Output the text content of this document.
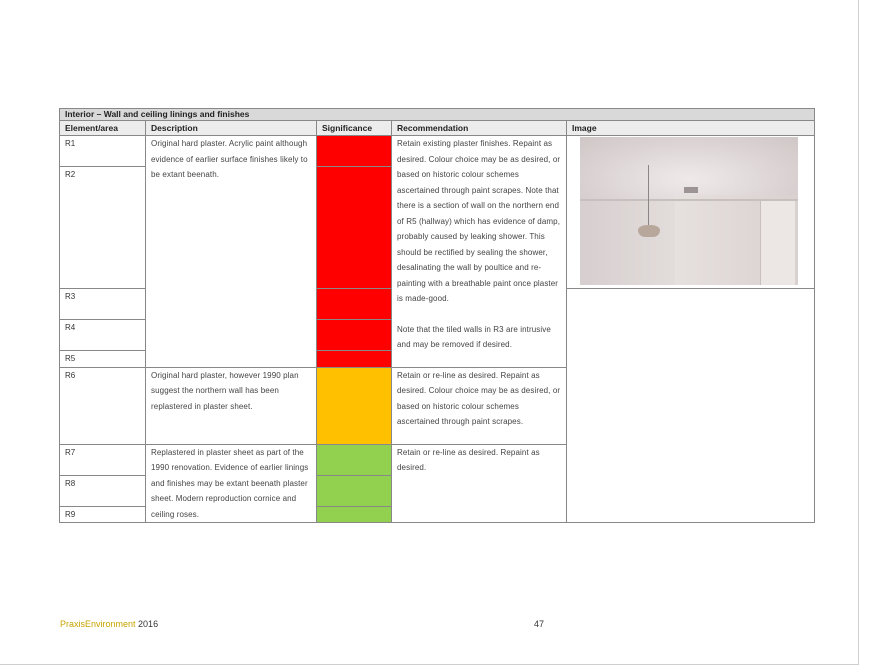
Interior – Wall and ceiling linings and finishes				
Element/area	Description	Significance	Recommendation	Image
R1	Original hard plaster. Acrylic paint although evidence of earlier surface finishes likely to be extant beenath.		Retain existing plaster finishes. Repaint as desired. Colour choice may be as desired, or based on historic colour schemes ascertained through paint scrapes. Note that there is a section of wall on the northern end of R5 (hallway) which has evidence of damp, probably caused by leaking shower. This should be rectified by sealing the shower, desalinating the wall by poultice and re-painting with a breathable paint once plaster is made-good.
Note that the tiled walls in R3 are intrusive and may be removed if desired.	

R2				
R3				
R4				
R5				
R6	Original hard plaster, however 1990 plan suggest the northern wall has been replastered in plaster sheet.		Retain or re-line as desired. Repaint as desired. Colour choice may be as desired, or based on historic colour schemes ascertained through paint scrapes.	
R7	Replastered in plaster sheet as part of the 1990 renovation. Evidence of earlier linings and finishes may be extant beenath plaster sheet. Modern reproduction cornice and ceiling roses.		Retain or re-line as desired. Repaint as desired.	
R8				
R9				
PraxisEnvironment 2016	47
